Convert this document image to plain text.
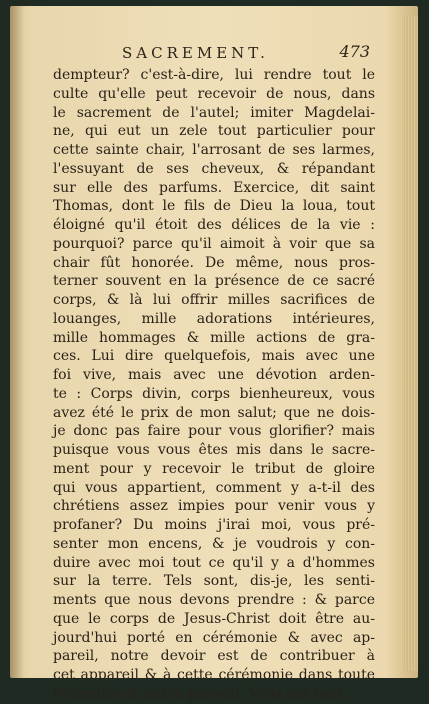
SACREMENT.	473
dempteur? c'est-à-dire, lui rendre tout le
culte qu'elle peut recevoir de nous, dans
le sacrement de l'autel; imiter Magdelai-
ne, qui eut un zele tout particulier pour
cette sainte chair, l'arrosant de ses larmes,
l'essuyant de ses cheveux, & répandant
sur elle des parfums. Exercice, dit saint
Thomas, dont le fils de Dieu la loua, tout
éloigné qu'il étoit des délices de la vie :
pourquoi? parce qu'il aimoit à voir que sa
chair fût honorée. De même, nous pros-
terner souvent en la présence de ce sacré
corps, & là lui offrir milles sacrifices de
louanges, mille adorations intérieures,
mille hommages & mille actions de gra-
ces. Lui dire quelquefois, mais avec une
foi vive, mais avec une dévotion arden-
te : Corps divin, corps bienheureux, vous
avez été le prix de mon salut; que ne dois-
je donc pas faire pour vous glorifier? mais
puisque vous vous êtes mis dans le sacre-
ment pour y recevoir le tribut de gloire
qui vous appartient, comment y a-t-il des
chrétiens assez impies pour venir vous y
profaner? Du moins j'irai moi, vous pré-
senter mon encens, & je voudrois y con-
duire avec moi tout ce qu'il y a d'hommes
sur la terre. Tels sont, dis-je, les senti-
ments que nous devons prendre : & parce
que le corps de Jesus-Christ doit être au-
jourd'hui porté en cérémonie & avec ap-
pareil, notre devoir est de contribuer à
cet appareil & à cette cérémonie dans toute
l'étendue de notre pouvoir. Vous sur-tout,
